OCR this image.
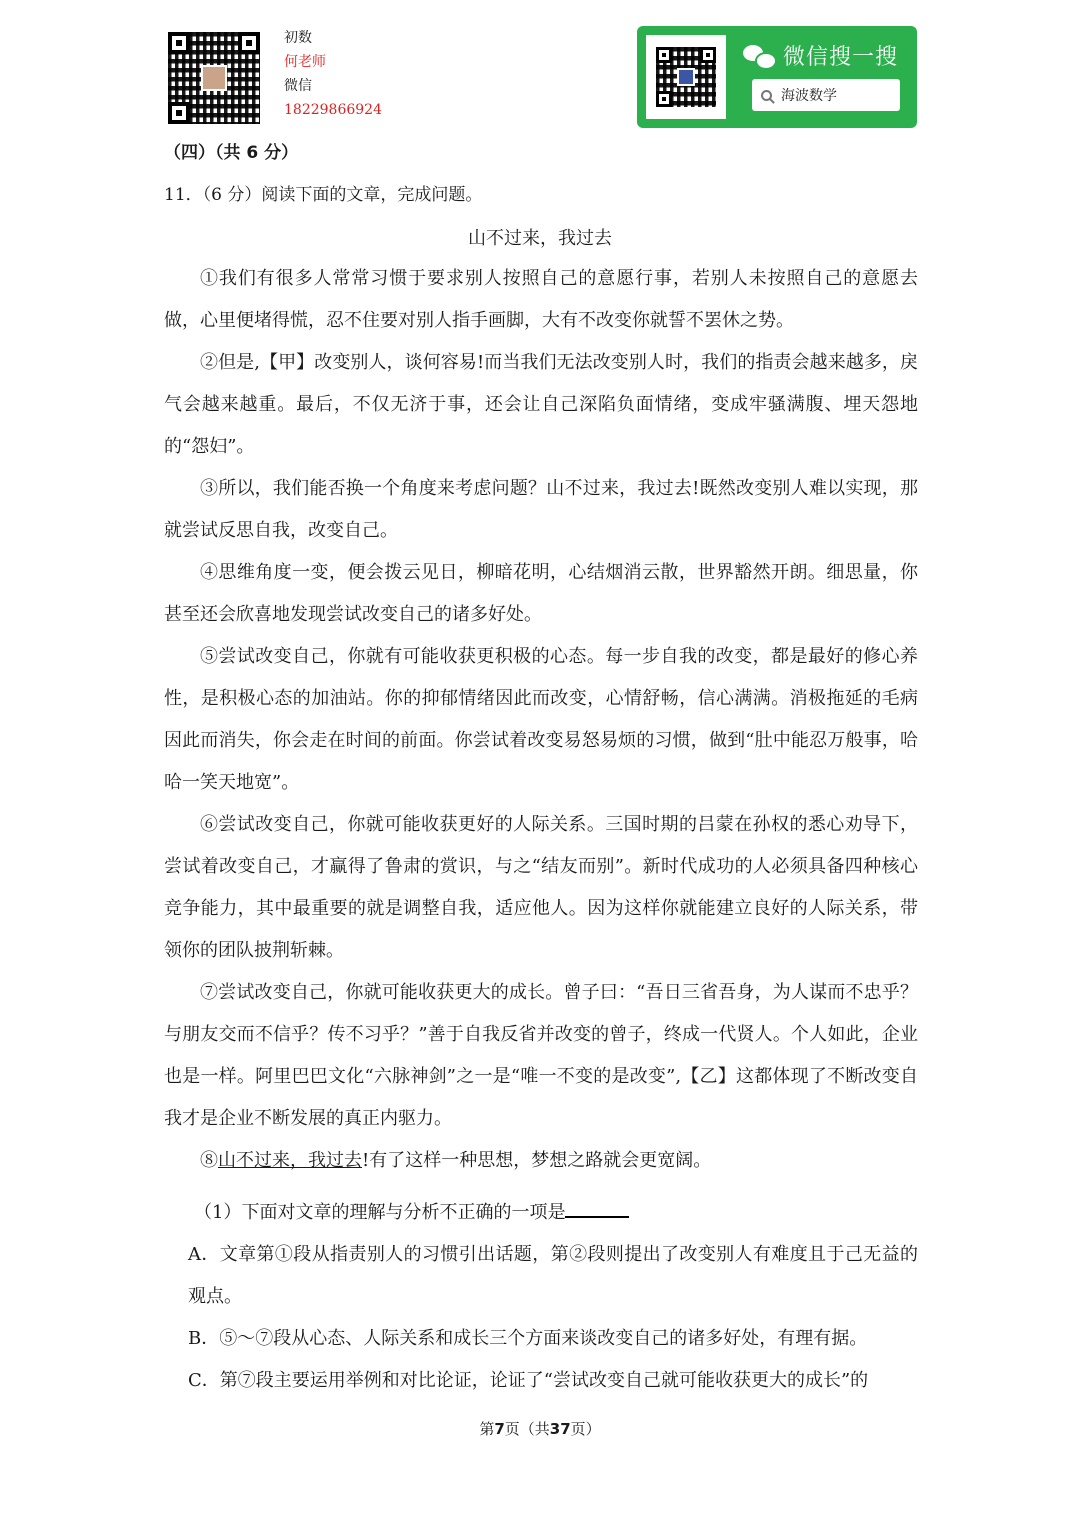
初数
何老师
微信
18229866924
微信搜一搜
海波数学
（四）（共 6 分）
11．（6 分）阅读下面的文章，完成问题。
山不过来，我过去

①我们有很多人常常习惯于要求别人按照自己的意愿行事，若别人未按照自己的意愿去做，心里便堵得慌，忍不住要对别人指手画脚，大有不改变你就誓不罢休之势。

②但是,【甲】改变别人，谈何容易!而当我们无法改变别人时，我们的指责会越来越多，戾气会越来越重。最后，不仅无济于事，还会让自己深陷负面情绪，变成牢骚满腹、埋天怨地的“怨妇”。

③所以，我们能否换一个角度来考虑问题？山不过来，我过去!既然改变别人难以实现，那就尝试反思自我，改变自己。

④思维角度一变，便会拨云见日，柳暗花明，心结烟消云散，世界豁然开朗。细思量，你甚至还会欣喜地发现尝试改变自己的诸多好处。

⑤尝试改变自己，你就有可能收获更积极的心态。每一步自我的改变，都是最好的修心养性，是积极心态的加油站。你的抑郁情绪因此而改变，心情舒畅，信心满满。消极拖延的毛病因此而消失，你会走在时间的前面。你尝试着改变易怒易烦的习惯，做到“肚中能忍万般事，哈哈一笑天地宽”。

⑥尝试改变自己，你就可能收获更好的人际关系。三国时期的吕蒙在孙权的悉心劝导下，尝试着改变自己，才赢得了鲁肃的赏识，与之“结友而别”。新时代成功的人必须具备四种核心竞争能力，其中最重要的就是调整自我，适应他人。因为这样你就能建立良好的人际关系，带领你的团队披荆斩棘。

⑦尝试改变自己，你就可能收获更大的成长。曾子曰：“吾日三省吾身，为人谋而不忠乎？与朋友交而不信乎？传不习乎？”善于自我反省并改变的曾子，终成一代贤人。个人如此，企业也是一样。阿里巴巴文化“六脉神剑”之一是“唯一不变的是改变”,【乙】这都体现了不断改变自我才是企业不断发展的真正内驱力。

⑧山不过来，我过去!有了这样一种思想，梦想之路就会更宽阔。

（1）下面对文章的理解与分析不正确的一项是
A．文章第①段从指责别人的习惯引出话题，第②段则提出了改变别人有难度且于己无益的观点。
B．⑤～⑦段从心态、人际关系和成长三个方面来谈改变自己的诸多好处，有理有据。
C．第⑦段主要运用举例和对比论证，论证了“尝试改变自己就可能收获更大的成长”的
第7页（共37页）
